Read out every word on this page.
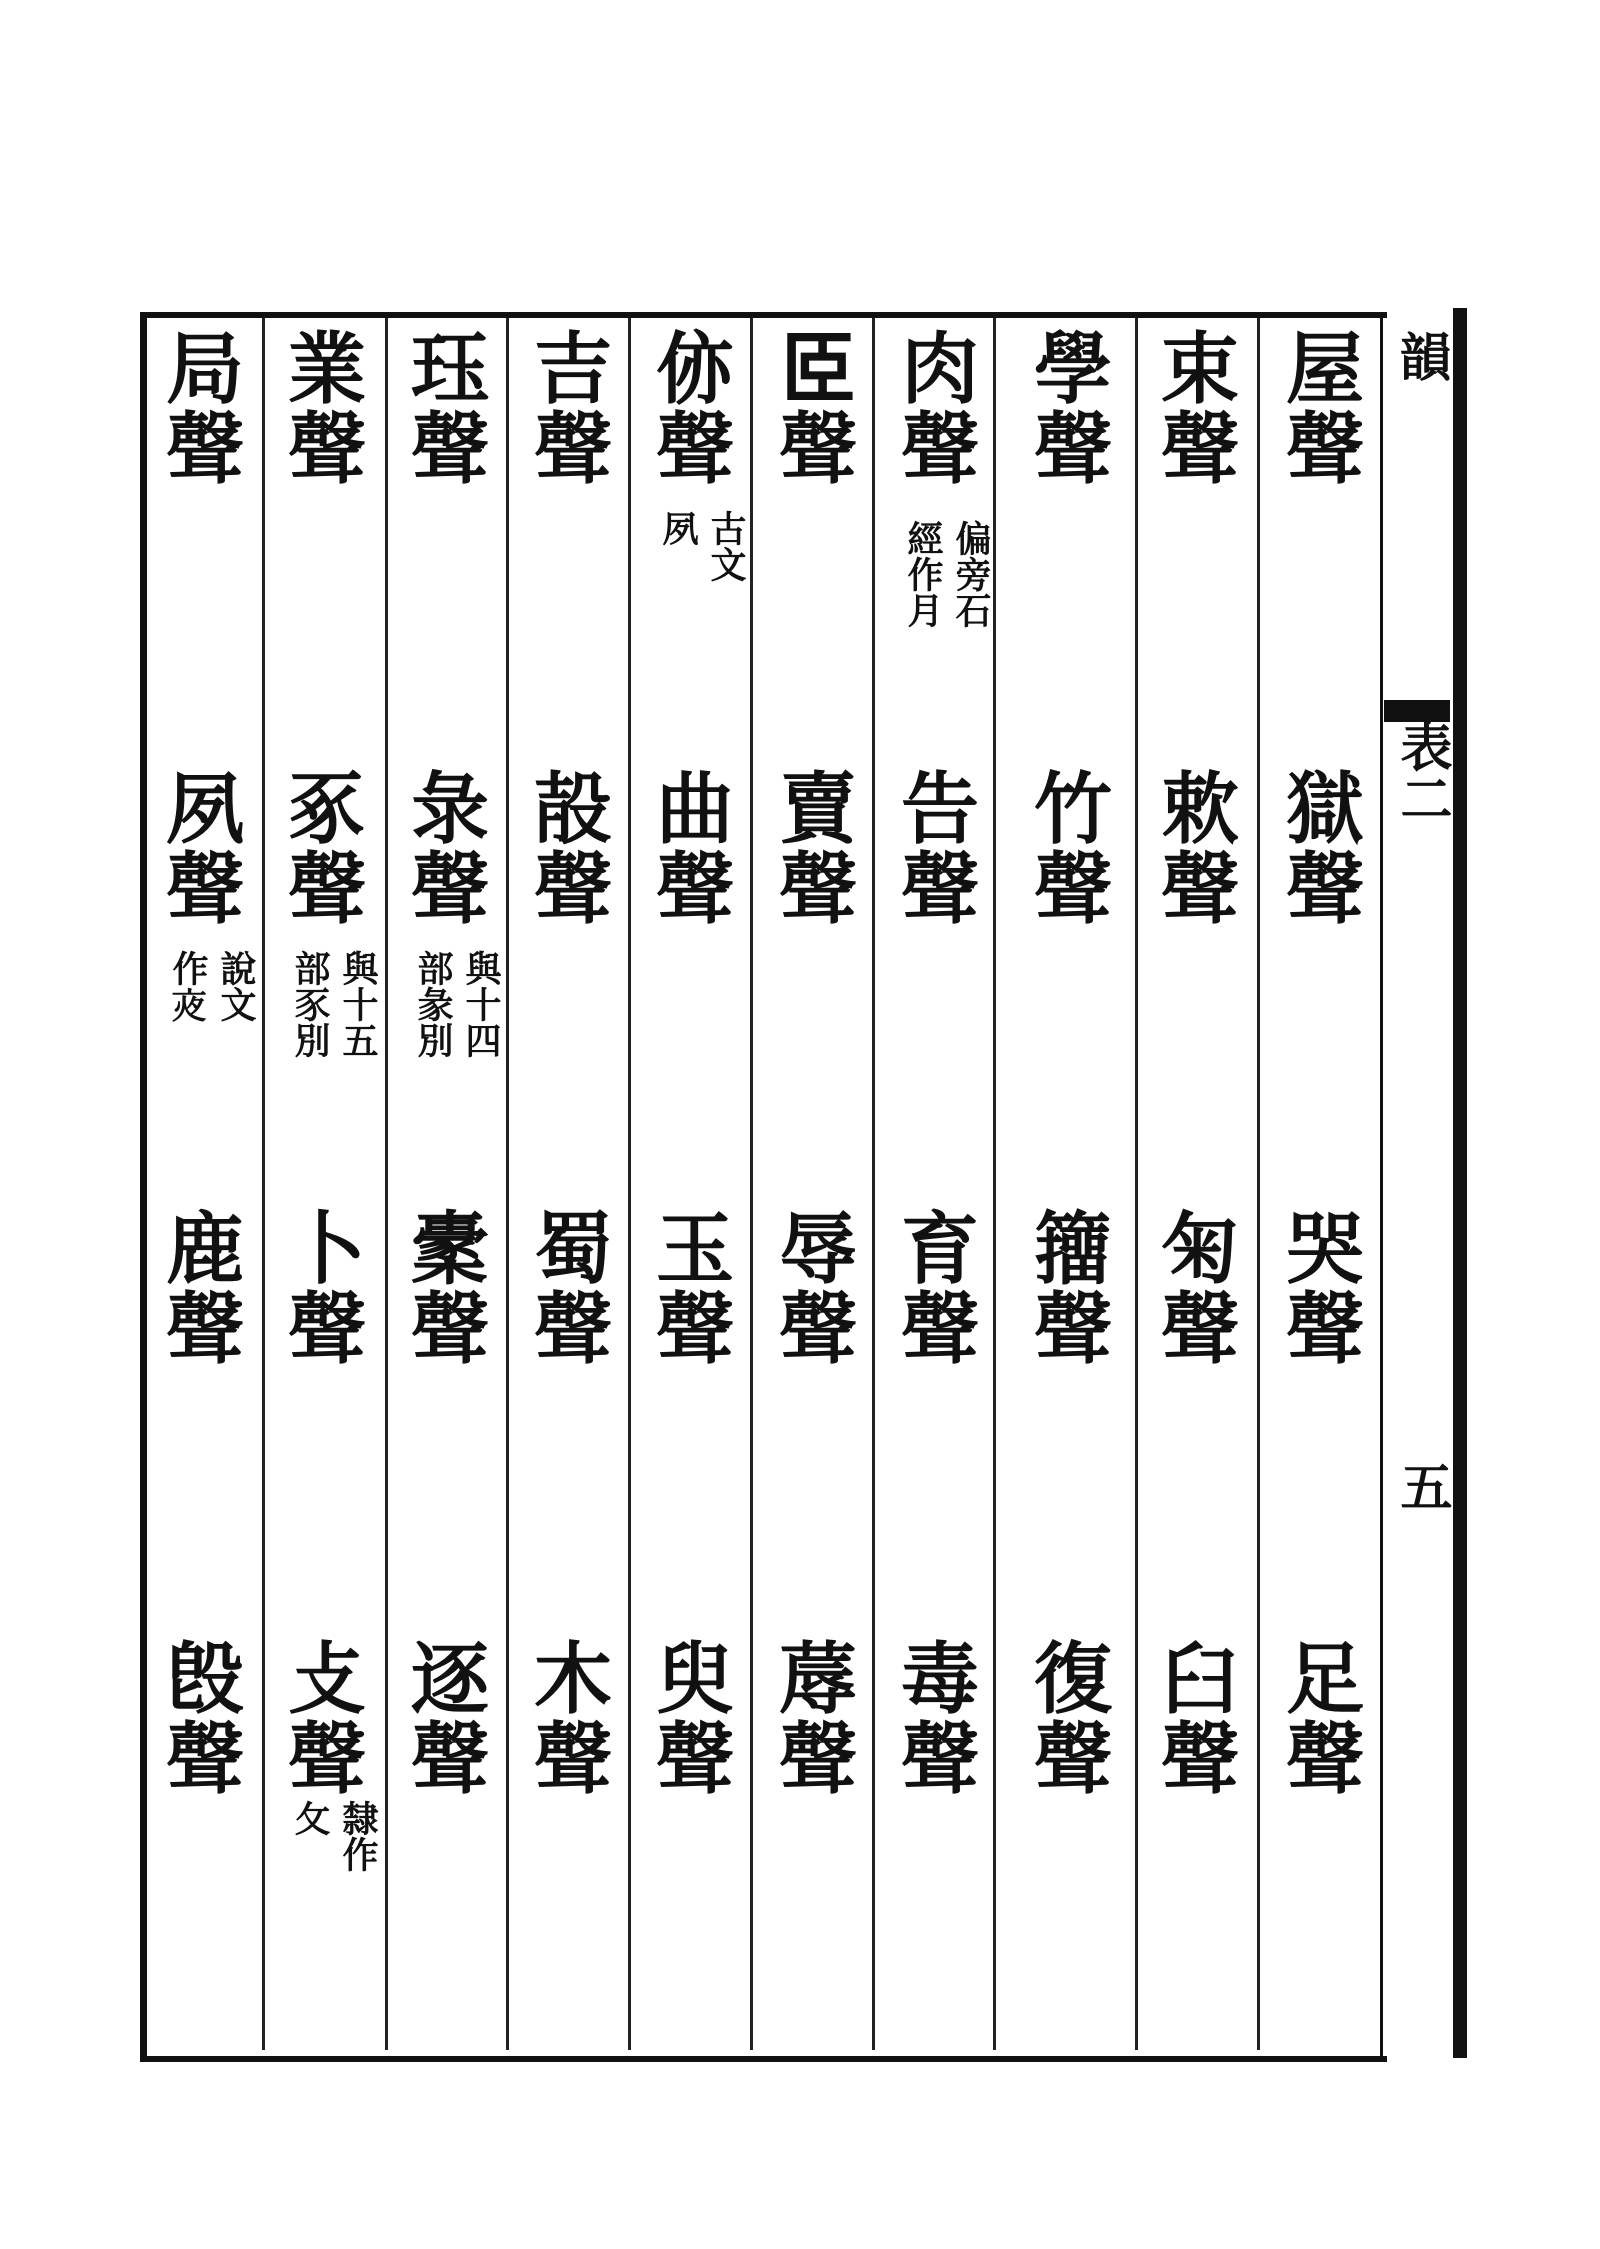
韻
表二
五
屋
聲
獄
聲
哭
聲
足
聲
束
聲
欶
聲
匊
聲
臼
聲
學
聲
竹
聲
籒
聲
復
聲
肉
聲
偏旁石
經作月
告
聲
育
聲
毒
聲
𦣞
聲
賣
聲
辱
聲
蓐
聲
㑊
聲
古文
夙
曲
聲
玉
聲
臾
聲
吉
聲
㱿
聲
蜀
聲
木
聲
珏
聲
彔
聲
與十四
部彖別
㯻
聲
逐
聲
業
聲
豖
聲
與十五
部豕別
卜
聲
攴
聲
隸作
攵
局
聲
夙
聲
說文
作𡖍
鹿
聲
𣪘
聲
